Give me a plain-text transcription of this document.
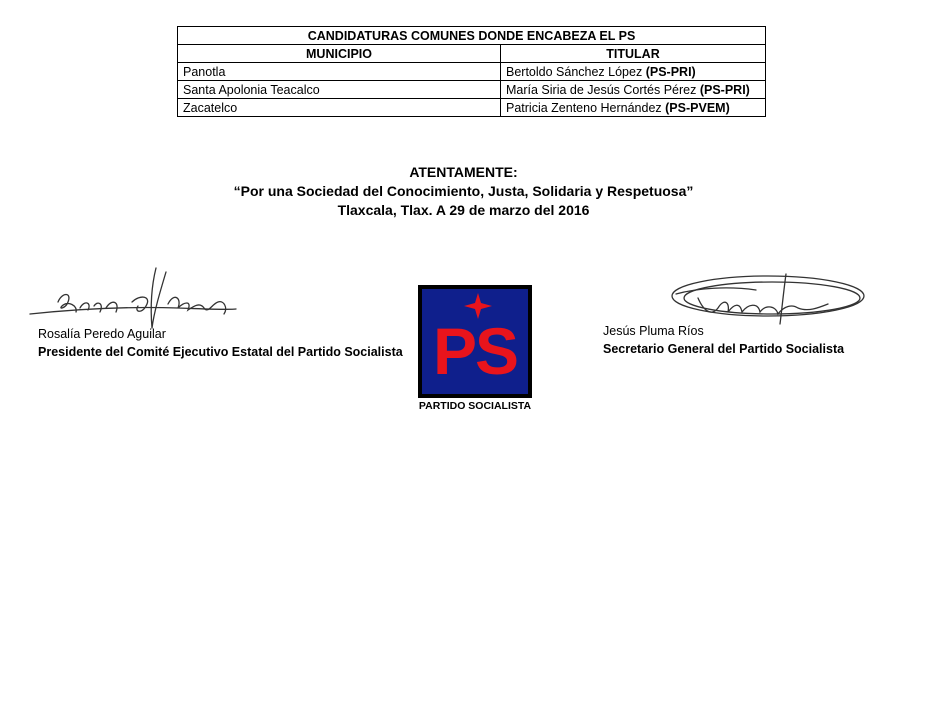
CANDIDATURAS COMUNES DONDE ENCABEZA EL PS	
MUNICIPIO	TITULAR
Panotla	Bertoldo Sánchez López (PS-PRI)
Santa Apolonia Teacalco	María Siria de Jesús Cortés Pérez (PS-PRI)
Zacatelco	Patricia Zenteno Hernández (PS-PVEM)
ATENTAMENTE:
“Por una Sociedad del Conocimiento, Justa, Solidaria y Respetuosa”
Tlaxcala, Tlax. A 29 de marzo del 2016
Rosalía Peredo Aguilar
Presidente del Comité Ejecutivo Estatal del Partido Socialista
Jesús Pluma Ríos
Secretario General del Partido Socialista
PS
PARTIDO SOCIALISTA
